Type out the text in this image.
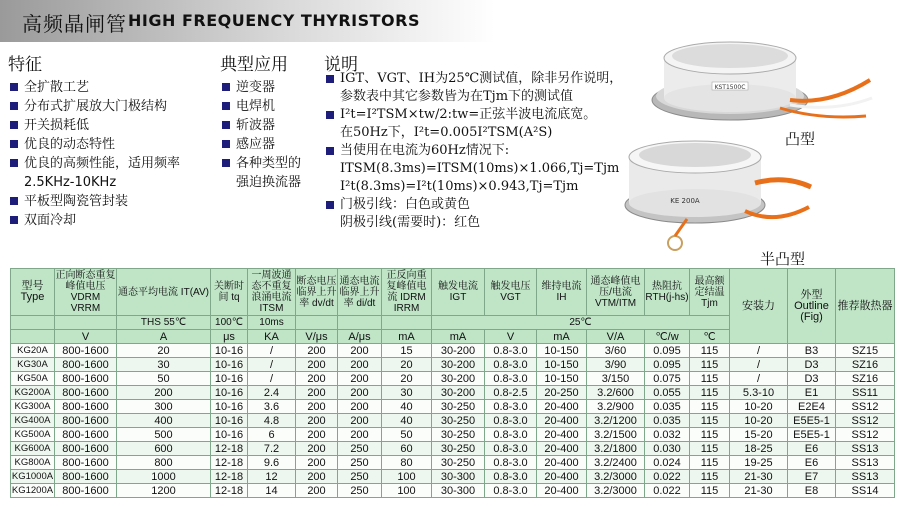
高频晶闸管 HIGH FREQUENCY THYRISTORS
特征
全扩散工艺
分布式扩展放大门极结构
开关损耗低
优良的动态特性
优良的高频性能，适用频率
2.5KHz-10KHz
平板型陶瓷管封装
双面冷却
典型应用
逆变器
电焊机
斩波器
感应器
各种类型的
强迫换流器
说明
IGT、VGT、IH为25℃测试值，除非另作说明，
参数表中其它参数皆为在Tjm下的测试值
I²t=I²TSM×tw/2:tw=正弦半波电流底宽。
在50Hz下，I²t=0.005I²TSM(A²S)
当使用在电流为60Hz情况下:
ITSM(8.3ms)=ITSM(10ms)×1.066,Tj=Tjm
I²t(8.3ms)=I²t(10ms)×0.943,Tj=Tjm
门极引线：白色或黄色
阴极引线(需要时)：红色
KST1500C
凸型
KE 200A
半凸型
型号 Type	正向断态重复峰值电压 VDRM VRRM	通态平均电流 IT(AV)	关断时间 tq	一周波通态不重复浪涌电流 ITSM	断态电压临界上升率 dv/dt	通态电流临界上升率 di/dt	正反向重复峰值电流 IDRM IRRM	触发电流 IGT	触发电压 VGT	维持电流 IH	通态峰值电压/电流 VTM/ITM	热阻抗 RTH(j-hs)	最高额定结温 Tjm	安装力	外型 Outline (Fig)	推荐散热器
		THS 55℃	100℃	10ms				25℃								
	V	A	μs	KA	V/μs	A/μs	mA	mA	V	mA	V/A	℃/w	℃			
KG20A	800-1600	20	10-16	/	200	200	15	30-200	0.8-3.0	10-150	3/60	0.095	115	/	B3	SZ15
KG30A	800-1600	30	10-16	/	200	200	20	30-200	0.8-3.0	10-150	3/90	0.095	115	/	D3	SZ16
KG50A	800-1600	50	10-16	/	200	200	20	30-200	0.8-3.0	10-150	3/150	0.075	115	/	D3	SZ16
KG200A	800-1600	200	10-16	2.4	200	200	30	30-200	0.8-2.5	20-250	3.2/600	0.055	115	5.3-10	E1	SS11
KG300A	800-1600	300	10-16	3.6	200	200	40	30-250	0.8-3.0	20-400	3.2/900	0.035	115	10-20	E2E4	SS12
KG400A	800-1600	400	10-16	4.8	200	200	40	30-250	0.8-3.0	20-400	3.2/1200	0.035	115	10-20	E5E5-1	SS12
KG500A	800-1600	500	10-16	6	200	200	50	30-250	0.8-3.0	20-400	3.2/1500	0.032	115	15-20	E5E5-1	SS12
KG600A	800-1600	600	12-18	7.2	200	250	60	30-250	0.8-3.0	20-400	3.2/1800	0.030	115	18-25	E6	SS13
KG800A	800-1600	800	12-18	9.6	200	250	80	30-250	0.8-3.0	20-400	3.2/2400	0.024	115	19-25	E6	SS13
KG1000A	800-1600	1000	12-18	12	200	250	100	30-300	0.8-3.0	20-400	3.2/3000	0.022	115	21-30	E7	SS13
KG1200A	800-1600	1200	12-18	14	200	250	100	30-300	0.8-3.0	20-400	3.2/3000	0.022	115	21-30	E8	SS14
